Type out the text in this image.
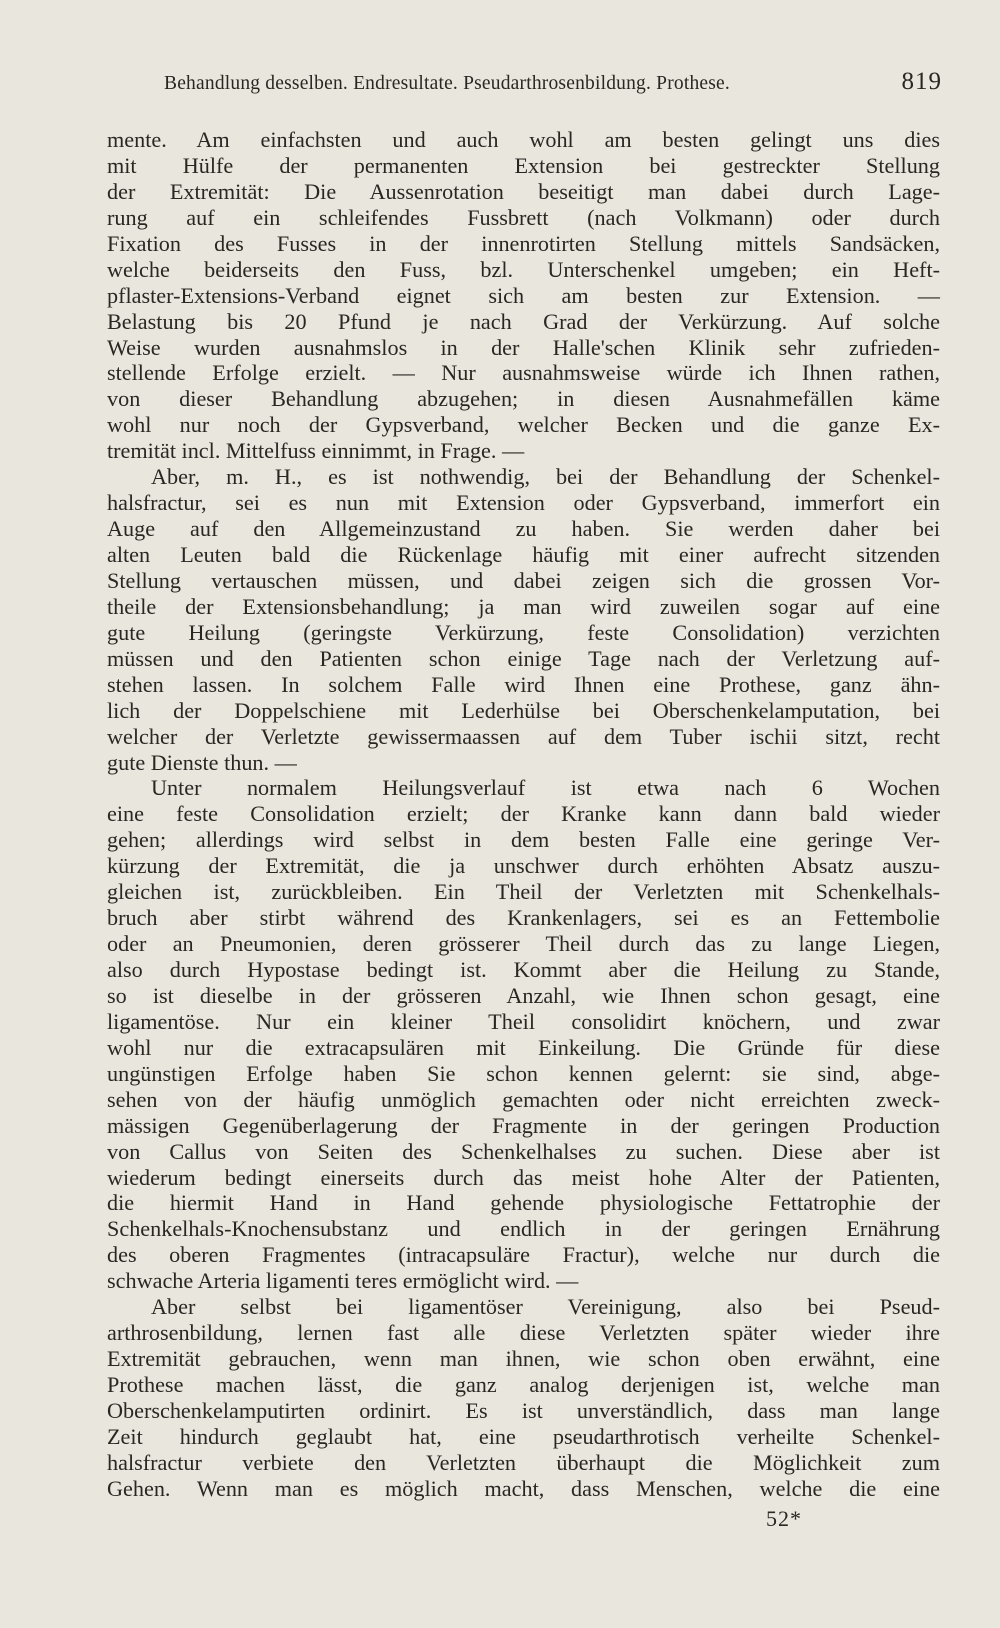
Behandlung desselben. Endresultate. Pseudarthrosenbildung. Prothese.	819

mente. Am einfachsten und auch wohl am besten gelingt uns dies

mit Hülfe der permanenten Extension bei gestreckter Stellung

der Extremität: Die Aussenrotation beseitigt man dabei durch Lage-

rung auf ein schleifendes Fussbrett (nach Volkmann) oder durch

Fixation des Fusses in der innenrotirten Stellung mittels Sandsäcken,

welche beiderseits den Fuss, bzl. Unterschenkel umgeben; ein Heft-

pflaster-Extensions-Verband eignet sich am besten zur Extension. —

Belastung bis 20 Pfund je nach Grad der Verkürzung. Auf solche

Weise wurden ausnahmslos in der Halle'schen Klinik sehr zufrieden-

stellende Erfolge erzielt. — Nur ausnahmsweise würde ich Ihnen rathen,

von dieser Behandlung abzugehen; in diesen Ausnahmefällen käme

wohl nur noch der Gypsverband, welcher Becken und die ganze Ex-

tremität incl. Mittelfuss einnimmt, in Frage. —

Aber, m. H., es ist nothwendig, bei der Behandlung der Schenkel-

halsfractur, sei es nun mit Extension oder Gypsverband, immerfort ein

Auge auf den Allgemeinzustand zu haben. Sie werden daher bei

alten Leuten bald die Rückenlage häufig mit einer aufrecht sitzenden

Stellung vertauschen müssen, und dabei zeigen sich die grossen Vor-

theile der Extensionsbehandlung; ja man wird zuweilen sogar auf eine

gute Heilung (geringste Verkürzung, feste Consolidation) verzichten

müssen und den Patienten schon einige Tage nach der Verletzung auf-

stehen lassen. In solchem Falle wird Ihnen eine Prothese, ganz ähn-

lich der Doppelschiene mit Lederhülse bei Oberschenkelamputation, bei

welcher der Verletzte gewissermaassen auf dem Tuber ischii sitzt, recht

gute Dienste thun. —

Unter normalem Heilungsverlauf ist etwa nach 6 Wochen

eine feste Consolidation erzielt; der Kranke kann dann bald wieder

gehen; allerdings wird selbst in dem besten Falle eine geringe Ver-

kürzung der Extremität, die ja unschwer durch erhöhten Absatz auszu-

gleichen ist, zurückbleiben. Ein Theil der Verletzten mit Schenkelhals-

bruch aber stirbt während des Krankenlagers, sei es an Fettembolie

oder an Pneumonien, deren grösserer Theil durch das zu lange Liegen,

also durch Hypostase bedingt ist. Kommt aber die Heilung zu Stande,

so ist dieselbe in der grösseren Anzahl, wie Ihnen schon gesagt, eine

ligamentöse. Nur ein kleiner Theil consolidirt knöchern, und zwar

wohl nur die extracapsulären mit Einkeilung. Die Gründe für diese

ungünstigen Erfolge haben Sie schon kennen gelernt: sie sind, abge-

sehen von der häufig unmöglich gemachten oder nicht erreichten zweck-

mässigen Gegenüberlagerung der Fragmente in der geringen Production

von Callus von Seiten des Schenkelhalses zu suchen. Diese aber ist

wiederum bedingt einerseits durch das meist hohe Alter der Patienten,

die hiermit Hand in Hand gehende physiologische Fettatrophie der

Schenkelhals-Knochensubstanz und endlich in der geringen Ernährung

des oberen Fragmentes (intracapsuläre Fractur), welche nur durch die

schwache Arteria ligamenti teres ermöglicht wird. —

Aber selbst bei ligamentöser Vereinigung, also bei Pseud-

arthrosenbildung, lernen fast alle diese Verletzten später wieder ihre

Extremität gebrauchen, wenn man ihnen, wie schon oben erwähnt, eine

Prothese machen lässt, die ganz analog derjenigen ist, welche man

Oberschenkelamputirten ordinirt. Es ist unverständlich, dass man lange

Zeit hindurch geglaubt hat, eine pseudarthrotisch verheilte Schenkel-

halsfractur verbiete den Verletzten überhaupt die Möglichkeit zum

Gehen. Wenn man es möglich macht, dass Menschen, welche die eine

52*
